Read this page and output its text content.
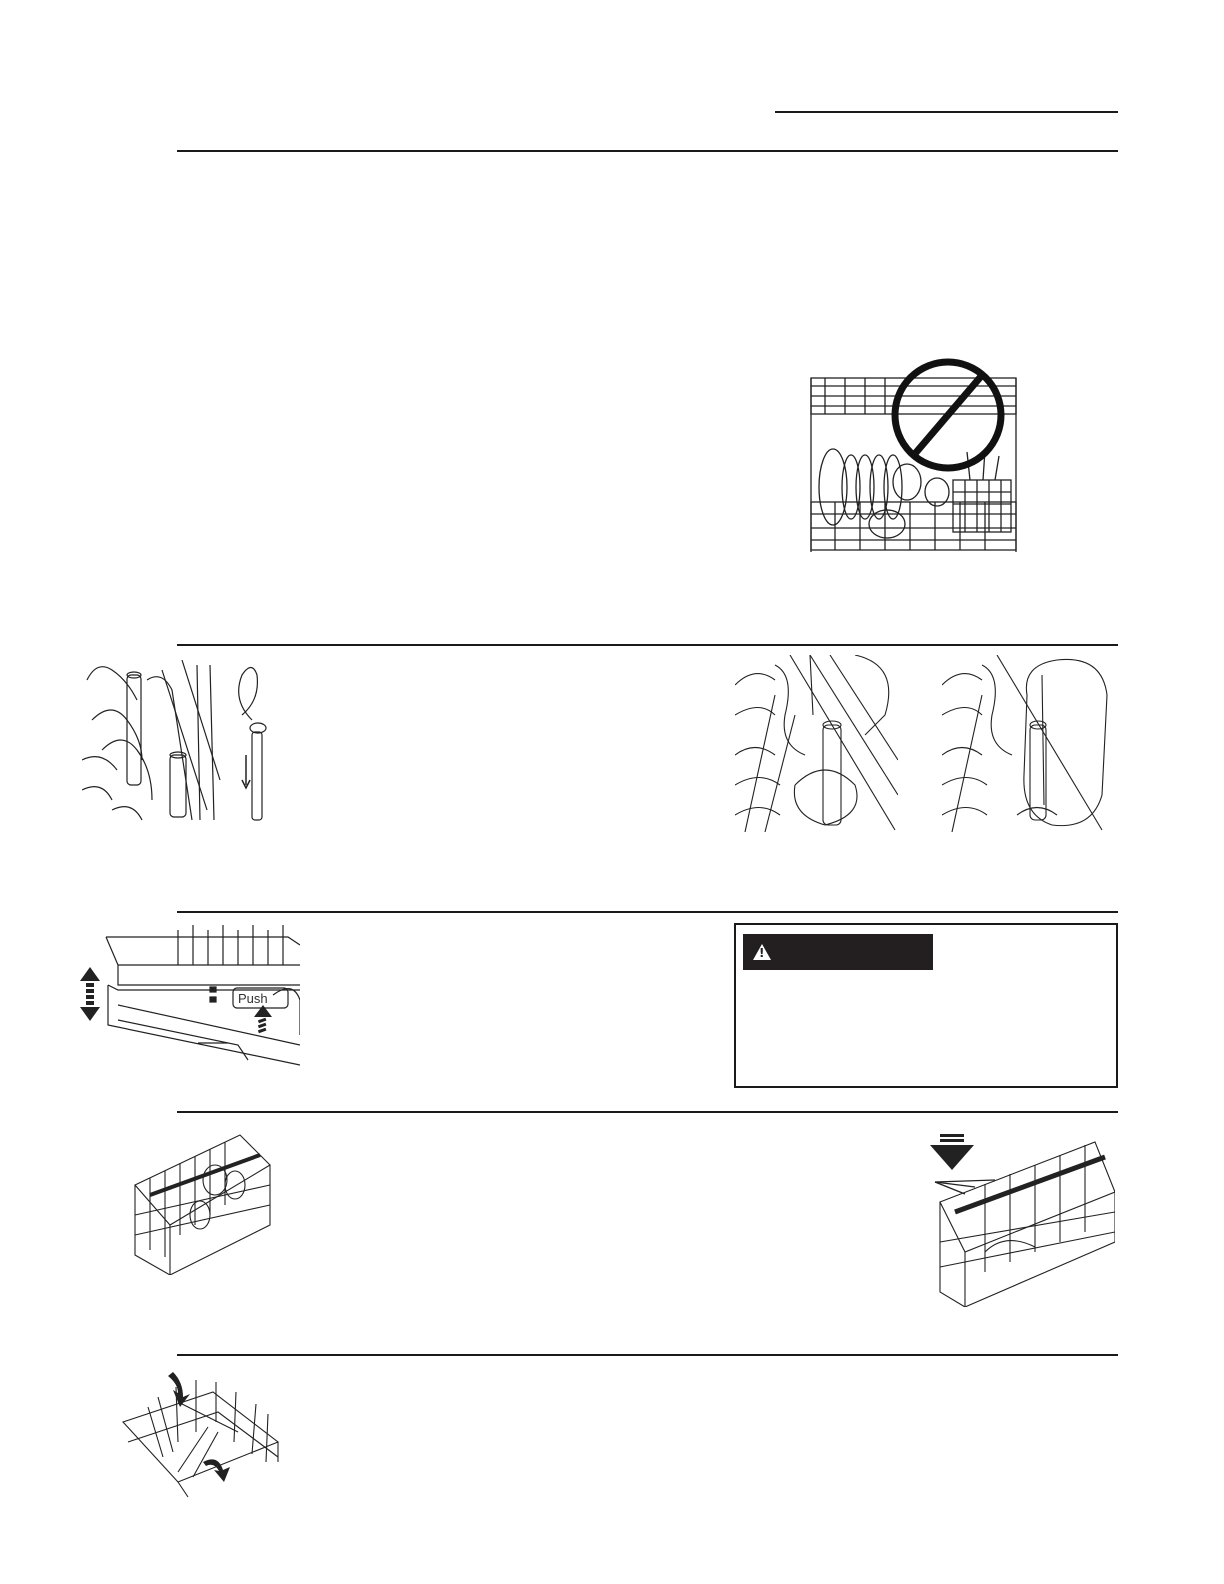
Push
!
